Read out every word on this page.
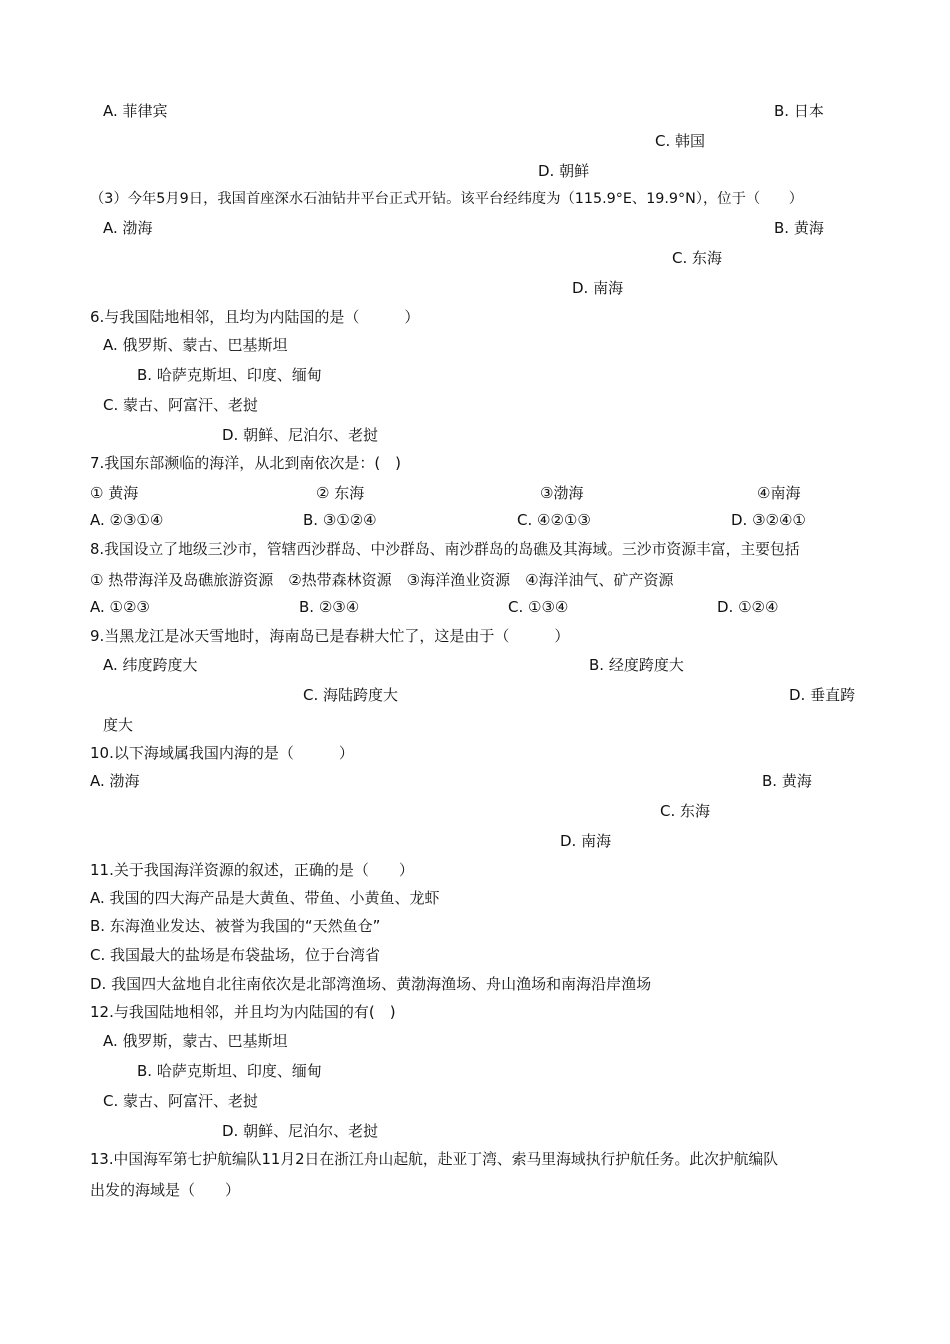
A. 菲律宾	B. 日本
C. 韩国
D. 朝鲜
（3）今年5月9日，我国首座深水石油钻井平台正式开钻。该平台经纬度为（115.9°E、19.9°N），位于（　　）
A. 渤海	B. 黄海
C. 东海
D. 南海
6.与我国陆地相邻，且均为内陆国的是（　　　）
A. 俄罗斯、蒙古、巴基斯坦
B. 哈萨克斯坦、印度、缅甸
C. 蒙古、阿富汗、老挝
D. 朝鲜、尼泊尔、老挝
7.我国东部濒临的海洋，从北到南依次是：(　)
① 黄海	② 东海	③渤海	④南海
A. ②③①④	B. ③①②④	C. ④②①③	D. ③②④①
8.我国设立了地级三沙市，管辖西沙群岛、中沙群岛、南沙群岛的岛礁及其海域。三沙市资源丰富，主要包括
① 热带海洋及岛礁旅游资源　②热带森林资源　③海洋渔业资源　④海洋油气、矿产资源
A. ①②③	B. ②③④	C. ①③④	D. ①②④
9.当黑龙江是冰天雪地时，海南岛已是春耕大忙了，这是由于（　　　）
A. 纬度跨度大	B. 经度跨度大
C. 海陆跨度大	D. 垂直跨
度大
10.以下海域属我国内海的是（　　　）
A. 渤海	B. 黄海
C. 东海
D. 南海
11.关于我国海洋资源的叙述，正确的是（　　）
A. 我国的四大海产品是大黄鱼、带鱼、小黄鱼、龙虾
B. 东海渔业发达、被誉为我国的“天然鱼仓”
C. 我国最大的盐场是布袋盐场，位于台湾省
D. 我国四大盆地自北往南依次是北部湾渔场、黄渤海渔场、舟山渔场和南海沿岸渔场
12.与我国陆地相邻，并且均为内陆国的有(　)
A. 俄罗斯，蒙古、巴基斯坦
B. 哈萨克斯坦、印度、缅甸
C. 蒙古、阿富汗、老挝
D. 朝鲜、尼泊尔、老挝
13.中国海军第七护航编队11月2日在浙江舟山起航，赴亚丁湾、索马里海域执行护航任务。此次护航编队
出发的海域是（　　）
